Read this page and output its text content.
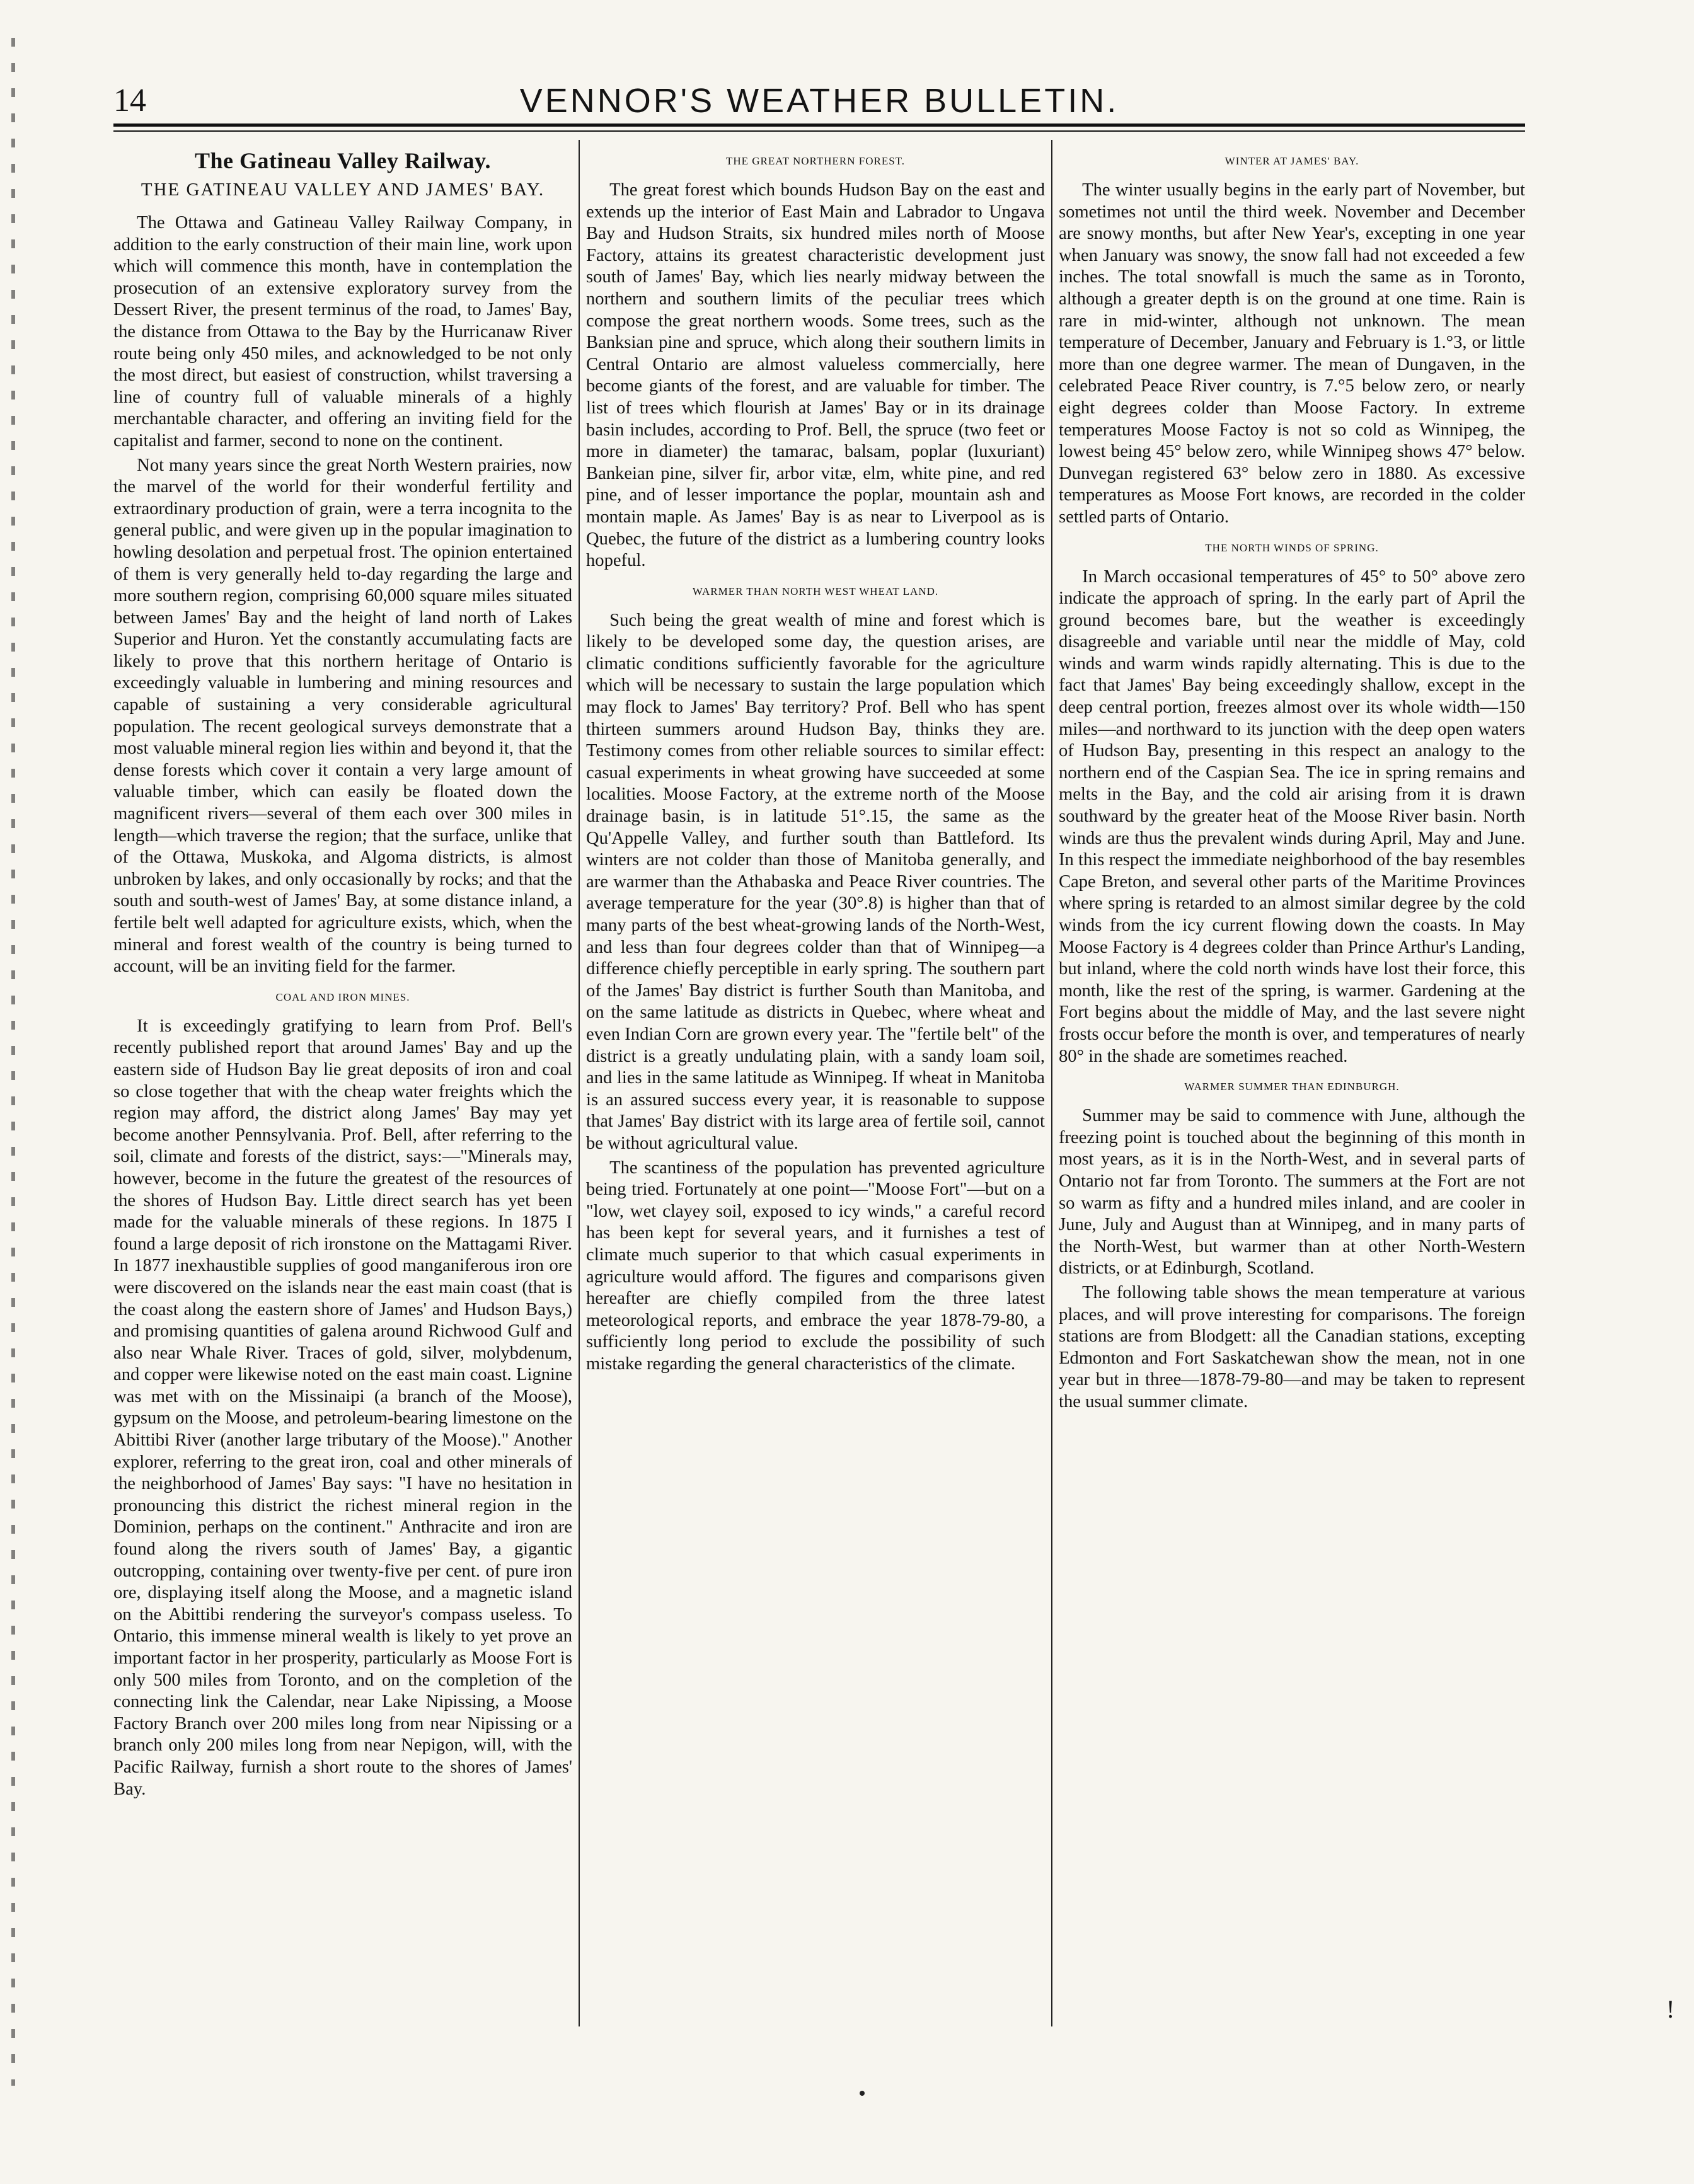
14	VENNOR'S WEATHER BULLETIN.
The Gatineau Valley Railway.
THE GATINEAU VALLEY AND JAMES' BAY.

The Ottawa and Gatineau Valley Railway Company, in addition to the early construction of their main line, work upon which will commence this month, have in contemplation the prosecution of an extensive exploratory survey from the Dessert River, the present terminus of the road, to James' Bay, the distance from Ottawa to the Bay by the Hurricanaw River route being only 450 miles, and acknowledged to be not only the most direct, but easiest of construction, whilst traversing a line of country full of valuable minerals of a highly merchantable character, and offering an inviting field for the capitalist and farmer, second to none on the continent.

Not many years since the great North Western prairies, now the marvel of the world for their wonderful fertility and extraordinary production of grain, were a terra incognita to the general public, and were given up in the popular imagination to howling desolation and perpetual frost. The opinion entertained of them is very generally held to-day regarding the large and more southern region, comprising 60,000 square miles situated between James' Bay and the height of land north of Lakes Superior and Huron. Yet the constantly accumulating facts are likely to prove that this northern heritage of Ontario is exceedingly valuable in lumbering and mining resources and capable of sustaining a very considerable agricultural population. The recent geological surveys demonstrate that a most valuable mineral region lies within and beyond it, that the dense forests which cover it contain a very large amount of valuable timber, which can easily be floated down the magnificent rivers—several of them each over 300 miles in length—which traverse the region; that the surface, unlike that of the Ottawa, Muskoka, and Algoma districts, is almost unbroken by lakes, and only occasionally by rocks; and that the south and south-west of James' Bay, at some distance inland, a fertile belt well adapted for agriculture exists, which, when the mineral and forest wealth of the country is being turned to account, will be an inviting field for the farmer.

COAL AND IRON MINES.

It is exceedingly gratifying to learn from Prof. Bell's recently published report that around James' Bay and up the eastern side of Hudson Bay lie great deposits of iron and coal so close together that with the cheap water freights which the region may afford, the district along James' Bay may yet become another Pennsylvania. Prof. Bell, after referring to the soil, climate and forests of the district, says:—"Minerals may, however, become in the future the greatest of the resources of the shores of Hudson Bay. Little direct search has yet been made for the valuable minerals of these regions. In 1875 I found a large deposit of rich ironstone on the Mattagami River. In 1877 inexhaustible supplies of good manganiferous iron ore were discovered on the islands near the east main coast (that is the coast along the eastern shore of James' and Hudson Bays,) and promising quantities of galena around Richwood Gulf and also near Whale River. Traces of gold, silver, molybdenum, and copper were likewise noted on the east main coast. Lignine was met with on the Missinaipi (a branch of the Moose), gypsum on the Moose, and petroleum-bearing limestone on the Abittibi River (another large tributary of the Moose)." Another explorer, referring to the great iron, coal and other minerals of the neighborhood of James' Bay says: "I have no hesitation in pronouncing this district the richest mineral region in the Dominion, perhaps on the continent." Anthracite and iron are found along the rivers south of James' Bay, a gigantic outcropping, containing over twenty-five per cent. of pure iron ore, displaying itself along the Moose, and a magnetic island on the Abittibi rendering the surveyor's compass useless. To Ontario, this immense mineral wealth is likely to yet prove an important factor in her prosperity, particularly as Moose Fort is only 500 miles from Toronto, and on the completion of the connecting link the Calendar, near Lake Nipissing, a Moose Factory Branch over 200 miles long from near Nipissing or a branch only 200 miles long from near Nepigon, will, with the Pacific Railway, furnish a short route to the shores of James' Bay.

THE GREAT NORTHERN FOREST.

The great forest which bounds Hudson Bay on the east and extends up the interior of East Main and Labrador to Ungava Bay and Hudson Straits, six hundred miles north of Moose Factory, attains its greatest characteristic development just south of James' Bay, which lies nearly midway between the northern and southern limits of the peculiar trees which compose the great northern woods. Some trees, such as the Banksian pine and spruce, which along their southern limits in Central Ontario are almost valueless commercially, here become giants of the forest, and are valuable for timber. The list of trees which flourish at James' Bay or in its drainage basin includes, according to Prof. Bell, the spruce (two feet or more in diameter) the tamarac, balsam, poplar (luxuriant) Bankeian pine, silver fir, arbor vitæ, elm, white pine, and red pine, and of lesser importance the poplar, mountain ash and montain maple. As James' Bay is as near to Liverpool as is Quebec, the future of the district as a lumbering country looks hopeful.

WARMER THAN NORTH WEST WHEAT LAND.

Such being the great wealth of mine and forest which is likely to be developed some day, the question arises, are climatic conditions sufficiently favorable for the agriculture which will be necessary to sustain the large population which may flock to James' Bay territory? Prof. Bell who has spent thirteen summers around Hudson Bay, thinks they are. Testimony comes from other reliable sources to similar effect: casual experiments in wheat growing have succeeded at some localities. Moose Factory, at the extreme north of the Moose drainage basin, is in latitude 51°.15, the same as the Qu'Appelle Valley, and further south than Battleford. Its winters are not colder than those of Manitoba generally, and are warmer than the Athabaska and Peace River countries. The average temperature for the year (30°.8) is higher than that of many parts of the best wheat-growing lands of the North-West, and less than four degrees colder than that of Winnipeg—a difference chiefly perceptible in early spring. The southern part of the James' Bay district is further South than Manitoba, and on the same latitude as districts in Quebec, where wheat and even Indian Corn are grown every year. The "fertile belt" of the district is a greatly undulating plain, with a sandy loam soil, and lies in the same latitude as Winnipeg. If wheat in Manitoba is an assured success every year, it is reasonable to suppose that James' Bay district with its large area of fertile soil, cannot be without agricultural value.

The scantiness of the population has prevented agriculture being tried. Fortunately at one point—"Moose Fort"—but on a "low, wet clayey soil, exposed to icy winds," a careful record has been kept for several years, and it furnishes a test of climate much superior to that which casual experiments in agriculture would afford. The figures and comparisons given hereafter are chiefly compiled from the three latest meteorological reports, and embrace the year 1878-79-80, a sufficiently long period to exclude the possibility of such mistake regarding the general characteristics of the climate.

WINTER AT JAMES' BAY.

The winter usually begins in the early part of November, but sometimes not until the third week. November and December are snowy months, but after New Year's, excepting in one year when January was snowy, the snow fall had not exceeded a few inches. The total snowfall is much the same as in Toronto, although a greater depth is on the ground at one time. Rain is rare in mid-winter, although not unknown. The mean temperature of December, January and February is 1.°3, or little more than one degree warmer. The mean of Dungaven, in the celebrated Peace River country, is 7.°5 below zero, or nearly eight degrees colder than Moose Factory. In extreme temperatures Moose Factoy is not so cold as Winnipeg, the lowest being 45° below zero, while Winnipeg shows 47° below. Dunvegan registered 63° below zero in 1880. As excessive temperatures as Moose Fort knows, are recorded in the colder settled parts of Ontario.

THE NORTH WINDS OF SPRING.

In March occasional temperatures of 45° to 50° above zero indicate the approach of spring. In the early part of April the ground becomes bare, but the weather is exceedingly disagreeble and variable until near the middle of May, cold winds and warm winds rapidly alternating. This is due to the fact that James' Bay being exceedingly shallow, except in the deep central portion, freezes almost over its whole width—150 miles—and northward to its junction with the deep open waters of Hudson Bay, presenting in this respect an analogy to the northern end of the Caspian Sea. The ice in spring remains and melts in the Bay, and the cold air arising from it is drawn southward by the greater heat of the Moose River basin. North winds are thus the prevalent winds during April, May and June. In this respect the immediate neighborhood of the bay resembles Cape Breton, and several other parts of the Maritime Provinces where spring is retarded to an almost similar degree by the cold winds from the icy current flowing down the coasts. In May Moose Factory is 4 degrees colder than Prince Arthur's Landing, but inland, where the cold north winds have lost their force, this month, like the rest of the spring, is warmer. Gardening at the Fort begins about the middle of May, and the last severe night frosts occur before the month is over, and temperatures of nearly 80° in the shade are sometimes reached.

WARMER SUMMER THAN EDINBURGH.

Summer may be said to commence with June, although the freezing point is touched about the beginning of this month in most years, as it is in the North-West, and in several parts of Ontario not far from Toronto. The summers at the Fort are not so warm as fifty and a hundred miles inland, and are cooler in June, July and August than at Winnipeg, and in many parts of the North-West, but warmer than at other North-Western districts, or at Edinburgh, Scotland.

The following table shows the mean temperature at various places, and will prove interesting for comparisons. The foreign stations are from Blodgett: all the Canadian stations, excepting Edmonton and Fort Saskatchewan show the mean, not in one year but in three—1878-79-80—and may be taken to represent the usual summer climate.

!
